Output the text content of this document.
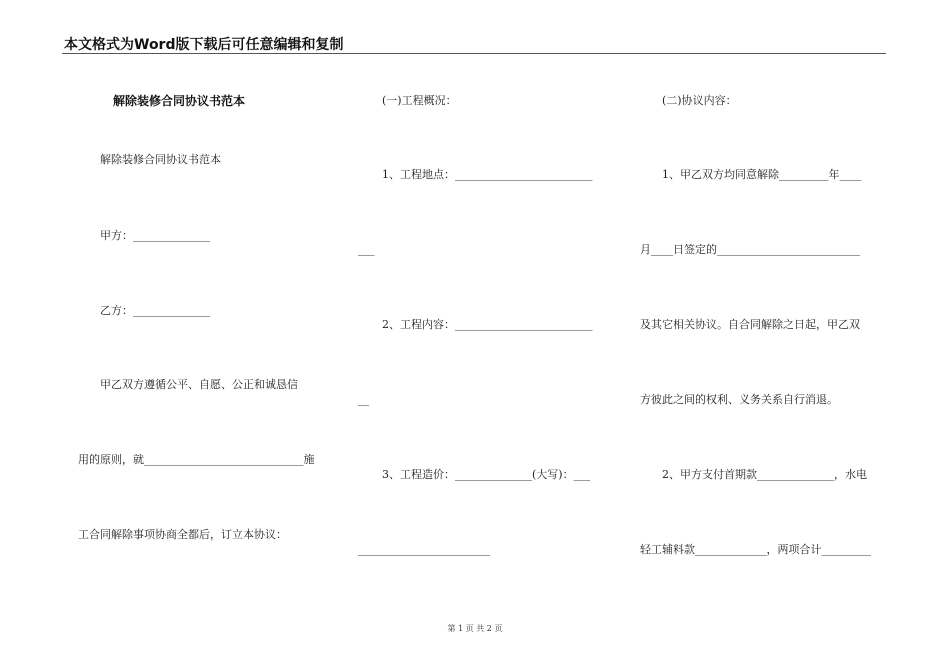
本文格式为Word版下载后可任意编辑和复制
解除装修合同协议书范本
解除装修合同协议书范本
甲方：______________
乙方：______________
甲乙双方遵循公平、自愿、公正和诚恳信
用的原则，就_____________________________施
工合同解除事项协商全都后，订立本协议：
(一)工程概况：
1、工程地点：_________________________
___
2、工程内容：_________________________
__
3、工程造价：______________(大写)：___
________________________
(二)协议内容：
1、甲乙双方均同意解除_________年____
月____日签定的__________________________
及其它相关协议。自合同解除之日起，甲乙双
方彼此之间的权利、义务关系自行消退。
2、甲方支付首期款______________，水电
轻工辅料款_____________，两项合计_________
第 1 页 共 2 页
